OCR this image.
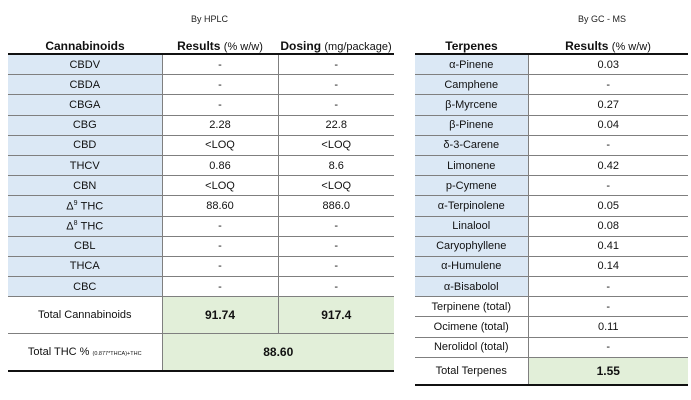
By HPLC	By GC - MS
Cannabinoids	Results (% w/w)	Dosing (mg/package)
CBDV	-	-
CBDA	-	-
CBGA	-	-
CBG	2.28	22.8
CBD	<LOQ	<LOQ
THCV	0.86	8.6
CBN	<LOQ	<LOQ
$\Delta^9$ THC	88.60	886.0
$\Delta^8$ THC	-	-
CBL	-	-
THCA	-	-
CBC	-	-
Total Cannabinoids	91.74	917.4
Total THC % (0.877*THCA)+THC	88.60	
Terpenes	Results (% w/w)
α-Pinene	0.03
Camphene	-
β-Myrcene	0.27
β-Pinene	0.04
δ-3-Carene	-
Limonene	0.42
p-Cymene	-
α-Terpinolene	0.05
Linalool	0.08
Caryophyllene	0.41
α-Humulene	0.14
α-Bisabolol	-
Terpinene (total)	-
Ocimene (total)	0.11
Nerolidol (total)	-
Total Terpenes	1.55
